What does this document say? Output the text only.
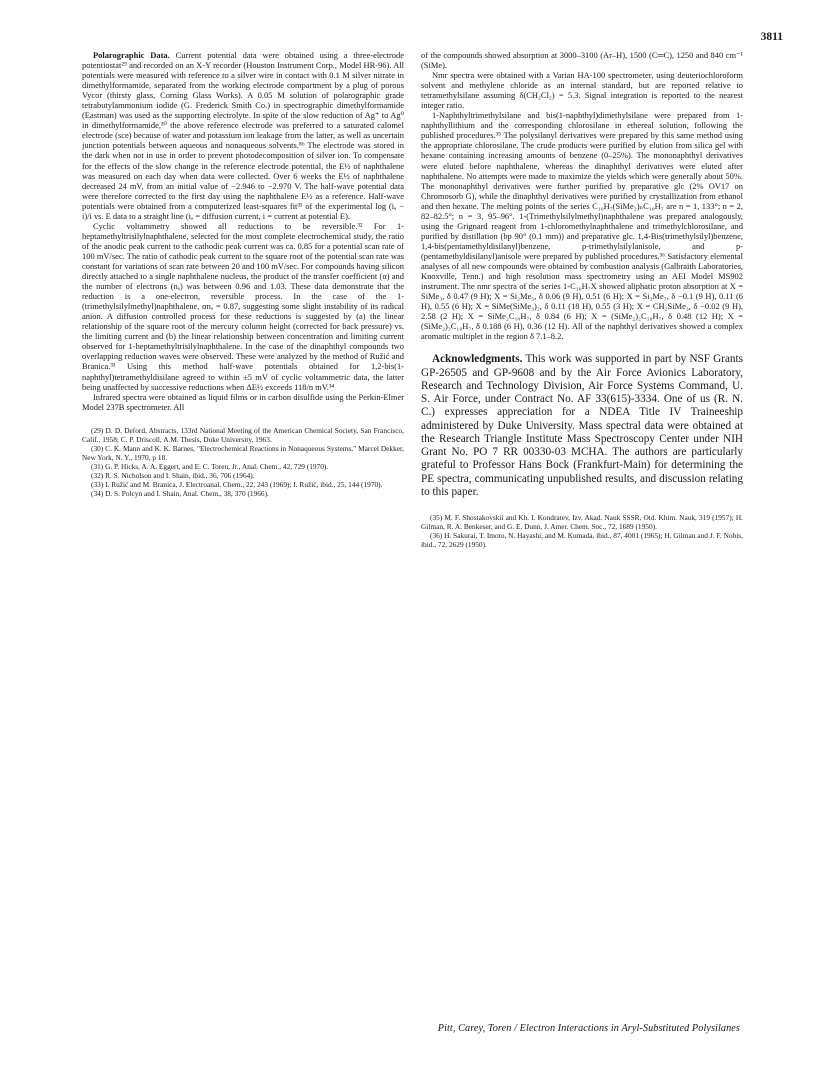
3811

Polarographic Data. Current potential data were obtained using a three-electrode potentiostat²⁹ and recorded on an X-Y recorder (Houston Instrument Corp., Model HR-96). All potentials were measured with reference to a silver wire in contact with 0.1 M silver nitrate in dimethylformamide, separated from the working electrode compartment by a plug of porous Vycor (thirsty glass, Corning Glass Works). A 0.05 M solution of polarographic grade tetrabutylammonium iodide (G. Frederick Smith Co.) in spectrographic dimethylformamide (Eastman) was used as the supporting electrolyte. In spite of the slow reduction of Ag⁺ to Ag⁰ in dimethylformamide,³⁰ the above reference electrode was preferred to a saturated calomel electrode (sce) because of water and potassium ion leakage from the latter, as well as uncertain junction potentials between aqueous and nonaqueous solvents.⁸ᵇ The electrode was stored in the dark when not in use in order to prevent photodecomposition of silver ion. To compensate for the effects of the slow change in the reference electrode potential, the E½ of naphthalene was measured on each day when data were collected. Over 6 weeks the E½ of naphthalene decreased 24 mV, from an initial value of −2.946 to −2.970 V. The half-wave potential data were therefore corrected to the first day using the naphthalene E½ as a reference. Half-wave potentials were obtained from a computerized least-squares fit³¹ of the experimental log (iₐ − i)/i vs. E data to a straight line (iₐ = diffusion current, i = current at potential E).

Cyclic voltammetry showed all reductions to be reversible.³² For 1-heptamethyltrisilylnaphthalene, selected for the most complete electrochemical study, the ratio of the anodic peak current to the cathodic peak current was ca. 0.85 for a potential scan rate of 100 mV/sec. The ratio of cathodic peak current to the square root of the potential scan rate was constant for variations of scan rate between 20 and 100 mV/sec. For compounds having silicon directly attached to a single naphthalene nucleus, the product of the transfer coefficient (α) and the number of electrons (nₐ) was between 0.96 and 1.03. These data demonstrate that the reduction is a one-electron, reversible process. In the case of the 1-(trimethylsilylmethyl)naphthalene, αnₐ = 0.87, suggesting some slight instability of its radical anion. A diffusion controlled process for these reductions is suggested by (a) the linear relationship of the square root of the mercury column height (corrected for back pressure) vs. the limiting current and (b) the linear relationship between concentration and limiting current observed for 1-heptamethyltrisilylnaphthalene. In the case of the dinaphthyl compounds two overlapping reduction waves were observed. These were analyzed by the method of Ružić and Branica.³³ Using this method half-wave potentials obtained for 1,2-bis(1-naphthyl)tetramethyldisilane agreed to within ±5 mV of cyclic voltammetric data, the latter being unaffected by successive reductions when ΔE½ exceeds 118/n mV.³⁴

Infrared spectra were obtained as liquid films or in carbon disulfide using the Perkin-Elmer Model 237B spectrometer. All

(29) D. D. Deford, Abstracts, 133rd National Meeting of the American Chemical Society, San Francisco, Calif., 1958; C. P. Driscoll, A.M. Thesis, Duke University, 1963.

(30) C. K. Mann and K. K. Barnes, "Electrochemical Reactions in Nonaqueous Systems," Marcel Dekker, New York, N. Y., 1970, p 18.

(31) G. P. Hicks, A. A. Eggert, and E. C. Toren, Jr., Anal. Chem., 42, 729 (1970).

(32) R. S. Nicholson and I. Shain, ibid., 36, 706 (1964).

(33) I. Ružić and M. Branica, J. Electroanal. Chem., 22, 243 (1969); I. Ružić, ibid., 25, 144 (1970).

(34) D. S. Polcyn and I. Shain, Anal. Chem., 38, 370 (1966).

of the compounds showed absorption at 3000–3100 (Ar–H), 1500 (C═C), 1250 and 840 cm⁻¹ (SiMe).

Nmr spectra were obtained with a Varian HA-100 spectrometer, using deuteriochloroform solvent and methylene chloride as an internal standard, but are reported relative to tetramethylsilane assuming δ(CH₂Cl₂) = 5.3. Signal integration is reported to the nearest integer ratio.

1-Naphthyltrimethylsilane and bis(1-naphthyl)dimethylsilane were prepared from 1-naphthyllithium and the corresponding chlorosilane in ethereal solution, following the published procedures.³⁵ The polysilanyl derivatives were prepared by this same method using the appropriate chlorosilane. The crude products were purified by elution from silica gel with hexane containing increasing amounts of benzene (0–25%). The mononaphthyl derivatives were eluted before naphthalene, whereas the dinaphthyl derivatives were eluted after naphthalene. No attempts were made to maximize the yields which were generally about 50%. The mononaphthyl derivatives were further purified by preparative glc (2% OV17 on Chromosorb G), while the dinaphthyl derivatives were purified by crystallization from ethanol and then hexane. The melting points of the series C₁₀H₇(SiMe₂)ₙC₁₀H₇ are n = 1, 133°; n = 2, 82–82.5°; n = 3, 95–96°. 1-(Trimethylsilylmethyl)naphthalene was prepared analogously, using the Grignard reagent from 1-chloromethylnaphthalene and trimethylchlorosilane, and purified by distillation (bp 90° (0.1 mm)) and preparative glc. 1,4-Bis(trimethylsilyl)benzene, 1,4-bis(pentamethyldisilanyl)benzene, p-trimethylsilylanisole, and p-(pentamethyldisilanyl)anisole were prepared by published procedures.³⁶ Satisfactory elemental analyses of all new compounds were obtained by combustion analysis (Galbraith Laboratories, Knoxville, Tenn.) and high resolution mass spectrometry using an AEI Model MS902 instrument. The nmr spectra of the series 1-C₁₀H₇X showed aliphatic proton absorption at X = SiMe₃, δ 0.47 (9 H); X = Si₂Me₅, δ 0.06 (9 H), 0.51 (6 H); X = Si₃Me₇, δ −0.1 (9 H), 0.11 (6 H), 0.55 (6 H); X = SiMe(SiMe₃)₂, δ 0.11 (18 H), 0.55 (3 H); X = CH₂SiMe₃, δ −0.02 (9 H), 2.58 (2 H); X = SiMe₂C₁₀H₇, δ 0.84 (6 H); X = (SiMe₂)₂C₁₀H₇, δ 0.48 (12 H); X = (SiMe₂)₃C₁₀H₇, δ 0.188 (6 H), 0.36 (12 H). All of the naphthyl derivatives showed a complex aromatic multiplet in the region δ 7.1–8.2.

Acknowledgments. This work was supported in part by NSF Grants GP-26505 and GP-9608 and by the Air Force Avionics Laboratory, Research and Technology Division, Air Force Systems Command, U. S. Air Force, under Contract No. AF 33(615)-3334. One of us (R. N. C.) expresses appreciation for a NDEA Title IV Traineeship administered by Duke University. Mass spectral data were obtained at the Research Triangle Institute Mass Spectroscopy Center under NIH Grant No. PO 7 RR 00330-03 MCHA. The authors are particularly grateful to Professor Hans Bock (Frankfurt-Main) for determining the PE spectra, communicating unpublished results, and discussion relating to this paper.

(35) M. F. Shostakovskii and Kh. I. Kondratev, Izv. Akad. Nauk SSSR, Otd. Khim. Nauk, 319 (1957); H. Gilman, R. A. Benkeser, and G. E. Dunn, J. Amer. Chem. Soc., 72, 1689 (1950).

(36) H. Sakurai, T. Imoto, N. Hayashi, and M. Kumada, ibid., 87, 4001 (1965); H. Gilman and J. F. Nobis, ibid., 72, 2629 (1950).

Pitt, Carey, Toren / Electron Interactions in Aryl-Substituted Polysilanes
